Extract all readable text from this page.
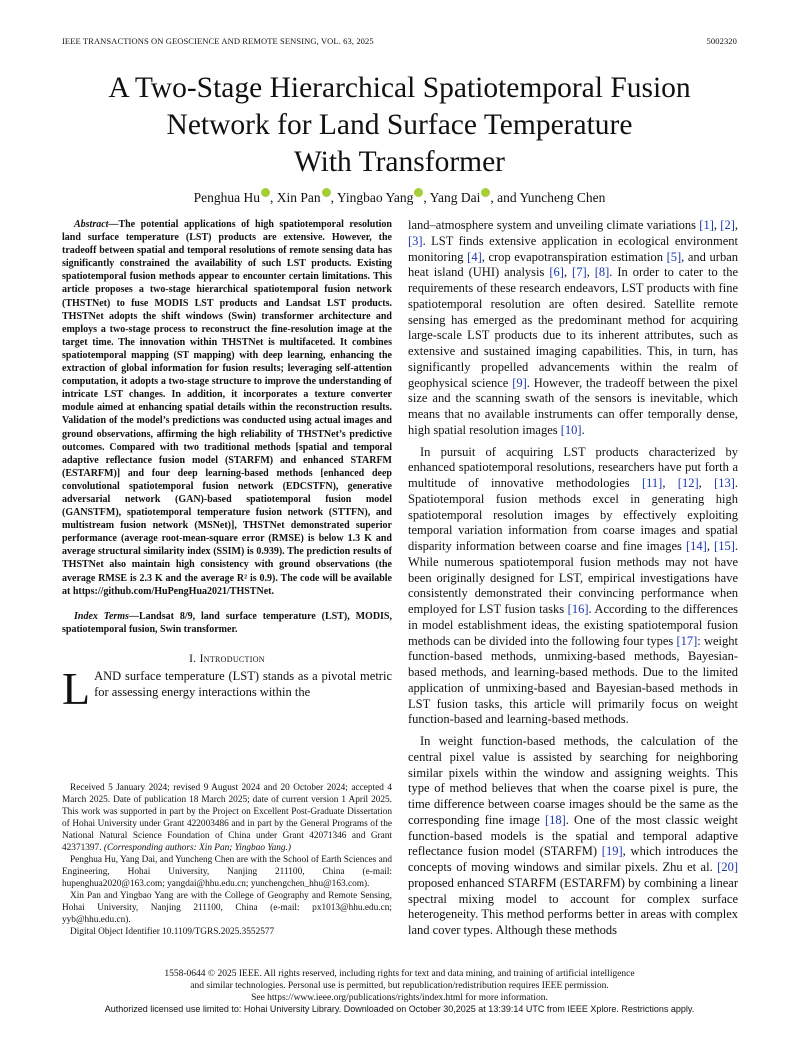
IEEE TRANSACTIONS ON GEOSCIENCE AND REMOTE SENSING, VOL. 63, 2025	5002320
A Two-Stage Hierarchical Spatiotemporal Fusion
Network for Land Surface Temperature
With Transformer
Penghua Hu , Xin Pan , Yingbao Yang , Yang Dai , and Yuncheng Chen

Abstract—The potential applications of high spatiotemporal resolution land surface temperature (LST) products are extensive. However, the tradeoff between spatial and temporal resolutions of remote sensing data has significantly constrained the availability of such LST products. Existing spatiotemporal fusion methods appear to encounter certain limitations. This article proposes a two-stage hierarchical spatiotemporal fusion network (THSTNet) to fuse MODIS LST products and Landsat LST products. THSTNet adopts the shift windows (Swin) transformer architecture and employs a two-stage process to reconstruct the fine-resolution image at the target time. The innovation within THSTNet is multifaceted. It combines spatiotemporal mapping (ST mapping) with deep learning, enhancing the extraction of global information for fusion results; leveraging self-attention computation, it adopts a two-stage structure to improve the understanding of intricate LST changes. In addition, it incorporates a texture converter module aimed at enhancing spatial details within the reconstruction results. Validation of the model’s predictions was conducted using actual images and ground observations, affirming the high reliability of THSTNet’s predictive outcomes. Compared with two traditional methods [spatial and temporal adaptive reflectance fusion model (STARFM) and enhanced STARFM (ESTARFM)] and four deep learning-based methods [enhanced deep convolutional spatiotemporal fusion network (EDCSTFN), generative adversarial network (GAN)-based spatiotemporal fusion model (GANSTFM), spatiotemporal temperature fusion network (STTFN), and multistream fusion network (MSNet)], THSTNet demonstrated superior performance (average root-mean-square error (RMSE) is below 1.3 K and average structural similarity index (SSIM) is 0.939). The prediction results of THSTNet also maintain high consistency with ground observations (the average RMSE is 2.3 K and the average R² is 0.9). The code will be available at https://github.com/HuPengHua2021/THSTNet.

Index Terms—Landsat 8/9, land surface temperature (LST), MODIS, spatiotemporal fusion, Swin transformer.

I. Introduction

LAND surface temperature (LST) stands as a pivotal metric for assessing energy interactions within the

Received 5 January 2024; revised 9 August 2024 and 20 October 2024; accepted 4 March 2025. Date of publication 18 March 2025; date of current version 1 April 2025. This work was supported in part by the Project on Excellent Post-Graduate Dissertation of Hohai University under Grant 422003486 and in part by the General Programs of the National Natural Science Foundation of China under Grant 42071346 and Grant 42371397. (Corresponding authors: Xin Pan; Yingbao Yang.)

Penghua Hu, Yang Dai, and Yuncheng Chen are with the School of Earth Sciences and Engineering, Hohai University, Nanjing 211100, China (e-mail: hupenghua2020@163.com; yangdai@hhu.edu.cn; yunchengchen_hhu@163.com).

Xin Pan and Yingbao Yang are with the College of Geography and Remote Sensing, Hohai University, Nanjing 211100, China (e-mail: px1013@hhu.edu.cn; yyb@hhu.edu.cn).

Digital Object Identifier 10.1109/TGRS.2025.3552577

land–atmosphere system and unveiling climate variations [1], [2], [3]. LST finds extensive application in ecological environment monitoring [4], crop evapotranspiration estimation [5], and urban heat island (UHI) analysis [6], [7], [8]. In order to cater to the requirements of these research endeavors, LST products with fine spatiotemporal resolution are often desired. Satellite remote sensing has emerged as the predominant method for acquiring large-scale LST products due to its inherent attributes, such as extensive and sustained imaging capabilities. This, in turn, has significantly propelled advancements within the realm of geophysical science [9]. However, the tradeoff between the pixel size and the scanning swath of the sensors is inevitable, which means that no available instruments can offer temporally dense, high spatial resolution images [10].

In pursuit of acquiring LST products characterized by enhanced spatiotemporal resolutions, researchers have put forth a multitude of innovative methodologies [11], [12], [13]. Spatiotemporal fusion methods excel in generating high spatiotemporal resolution images by effectively exploiting temporal variation information from coarse images and spatial disparity information between coarse and fine images [14], [15]. While numerous spatiotemporal fusion methods may not have been originally designed for LST, empirical investigations have consistently demonstrated their convincing performance when employed for LST fusion tasks [16]. According to the differences in model establishment ideas, the existing spatiotemporal fusion methods can be divided into the following four types [17]: weight function-based methods, unmixing-based methods, Bayesian-based methods, and learning-based methods. Due to the limited application of unmixing-based and Bayesian-based methods in LST fusion tasks, this article will primarily focus on weight function-based and learning-based methods.

In weight function-based methods, the calculation of the central pixel value is assisted by searching for neighboring similar pixels within the window and assigning weights. This type of method believes that when the coarse pixel is pure, the time difference between coarse images should be the same as the corresponding fine image [18]. One of the most classic weight function-based models is the spatial and temporal adaptive reflectance fusion model (STARFM) [19], which introduces the concepts of moving windows and similar pixels. Zhu et al. [20] proposed enhanced STARFM (ESTARFM) by combining a linear spectral mixing model to account for complex surface heterogeneity. This method performs better in areas with complex land cover types. Although these methods

1558-0644 © 2025 IEEE. All rights reserved, including rights for text and data mining, and training of artificial intelligence
and similar technologies. Personal use is permitted, but republication/redistribution requires IEEE permission.
See https://www.ieee.org/publications/rights/index.html for more information.
Authorized licensed use limited to: Hohai University Library. Downloaded on October 30,2025 at 13:39:14 UTC from IEEE Xplore. Restrictions apply.
